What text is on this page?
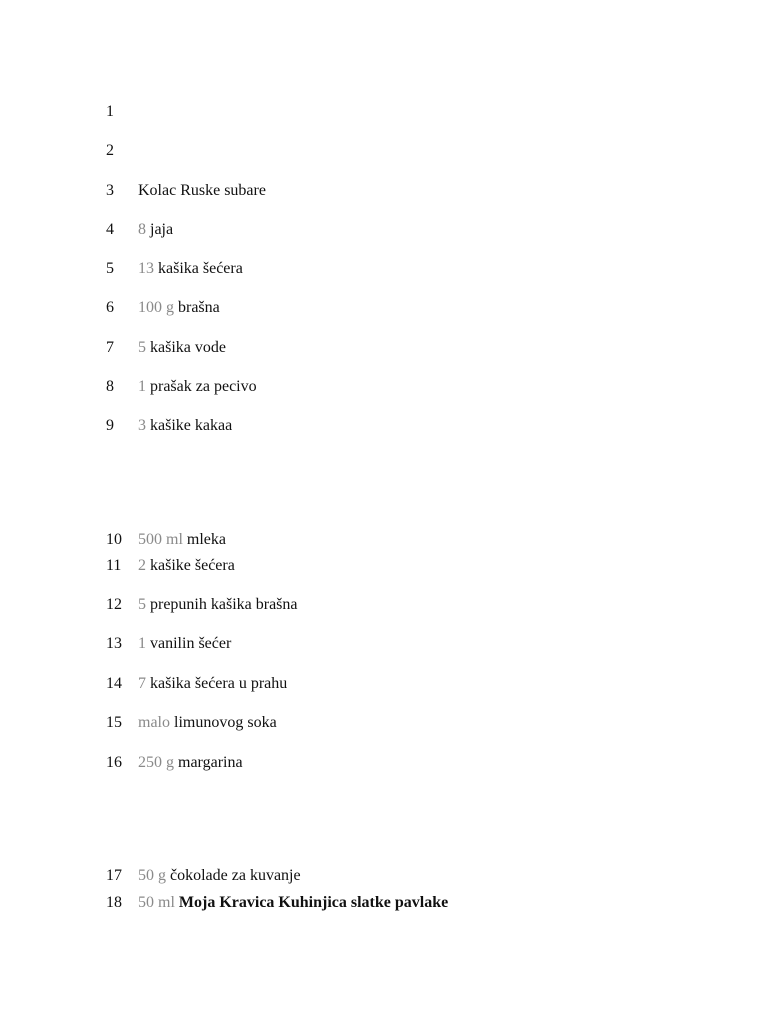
1
2
3 Kolac Ruske subare
4 8 jaja
5 13 kašika šećera
6 100 g brašna
7 5 kašika vode
8 1 prašak za pecivo
9 3 kašike kakaa
10 500 ml mleka
11 2 kašike šećera
12 5 prepunih kašika brašna
13 1 vanilin šećer
14 7 kašika šećera u prahu
15 malo limunovog soka
16 250 g margarina
17 50 g čokolade za kuvanje
18 50 ml Moja Kravica Kuhinjica slatke pavlake
